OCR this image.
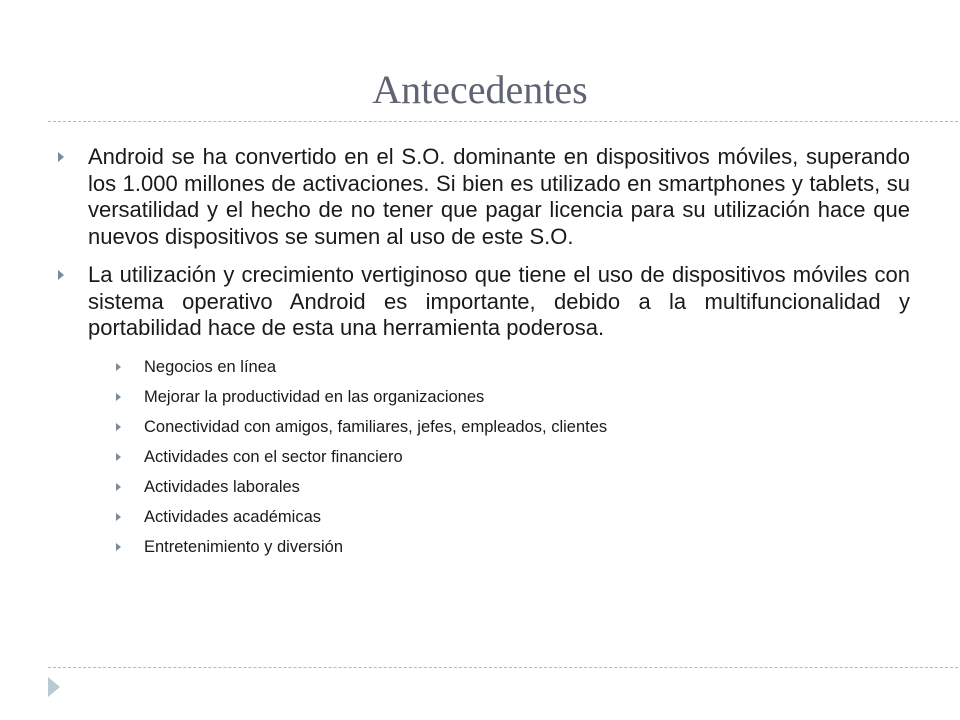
Antecedentes
Android se ha convertido en el S.O. dominante en dispositivos móviles, superando los 1.000 millones de activaciones. Si bien es utilizado en smartphones y tablets, su versatilidad y el hecho de no tener que pagar licencia para su utilización hace que nuevos dispositivos se sumen al uso de este S.O.
La utilización y crecimiento vertiginoso que tiene el uso de dispositivos móviles con sistema operativo Android es importante, debido a la multifuncionalidad y portabilidad hace de esta una herramienta poderosa.
Negocios en línea
Mejorar la productividad en las organizaciones
Conectividad con amigos, familiares, jefes, empleados, clientes
Actividades con el sector financiero
Actividades laborales
Actividades académicas
Entretenimiento y diversión
